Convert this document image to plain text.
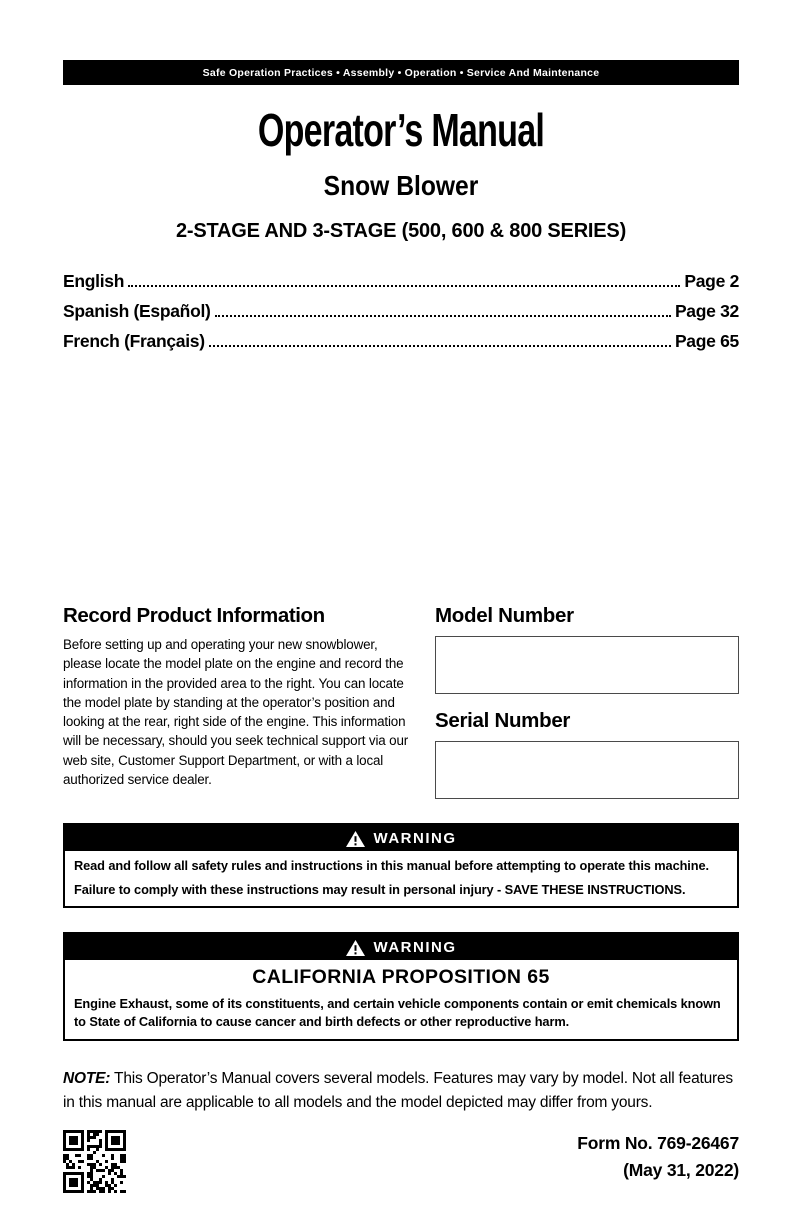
Safe Operation Practices • Assembly • Operation • Service And Maintenance
Operator’s Manual
Snow Blower
2-STAGE AND 3-STAGE (500, 600 & 800 SERIES)
English	Page 2
Spanish (Español)	Page 32
French (Français)	Page 65
Record Product Information

Before setting up and operating your new snowblower, please locate the model plate on the engine and record the information in the provided area to the right. You can locate the model plate by standing at the operator’s position and looking at the rear, right side of the engine. This information will be necessary, should you seek technical support via our web site, Customer Support Department, or with a local authorized service dealer.

Model Number
Serial Number
WARNING

Read and follow all safety rules and instructions in this manual before attempting to operate this machine.

Failure to comply with these instructions may result in personal injury - SAVE THESE INSTRUCTIONS.

WARNING
CALIFORNIA PROPOSITION 65

Engine Exhaust, some of its constituents, and certain vehicle components contain or emit chemicals known to State of California to cause cancer and birth defects or other reproductive harm.

NOTE: This Operator’s Manual covers several models. Features may vary by model. Not all features in this manual are applicable to all models and the model depicted may differ from yours.

Form No. 769-26467
(May 31, 2022)
